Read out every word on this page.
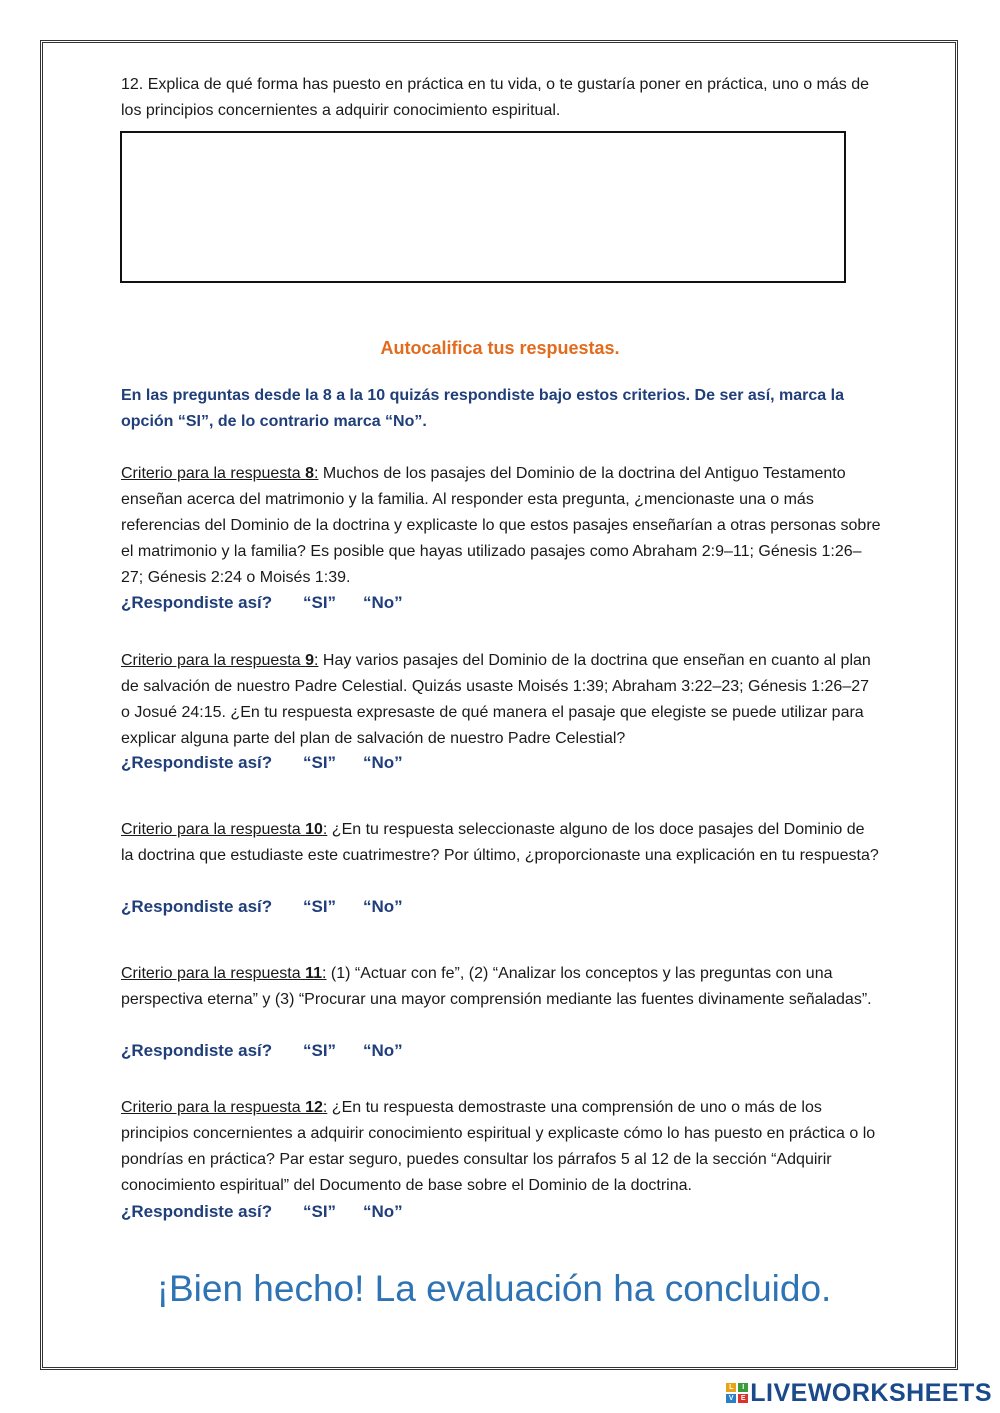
12. Explica de qué forma has puesto en práctica en tu vida, o te gustaría poner en práctica, uno o más de los principios concernientes a adquirir conocimiento espiritual.

Autocalifica tus respuestas.

En las preguntas desde la 8 a la 10 quizás respondiste bajo estos criterios. De ser así, marca la opción “SI”, de lo contrario marca “No”.

Criterio para la respuesta 8: Muchos de los pasajes del Dominio de la doctrina del Antiguo Testamento enseñan acerca del matrimonio y la familia. Al responder esta pregunta, ¿mencionaste una o más referencias del Dominio de la doctrina y explicaste lo que estos pasajes enseñarían a otras personas sobre el matrimonio y la familia? Es posible que hayas utilizado pasajes como Abraham 2:9–11; Génesis 1:26–27; Génesis 2:24 o Moisés 1:39.

¿Respondiste así? “SI” “No”

Criterio para la respuesta 9: Hay varios pasajes del Dominio de la doctrina que enseñan en cuanto al plan de salvación de nuestro Padre Celestial. Quizás usaste Moisés 1:39; Abraham 3:22–23; Génesis 1:26–27 o Josué 24:15. ¿En tu respuesta expresaste de qué manera el pasaje que elegiste se puede utilizar para explicar alguna parte del plan de salvación de nuestro Padre Celestial?

¿Respondiste así? “SI” “No”

Criterio para la respuesta 10: ¿En tu respuesta seleccionaste alguno de los doce pasajes del Dominio de la doctrina que estudiaste este cuatrimestre? Por último, ¿proporcionaste una explicación en tu respuesta?

¿Respondiste así? “SI” “No”

Criterio para la respuesta 11: (1) “Actuar con fe”, (2) “Analizar los conceptos y las preguntas con una perspectiva eterna” y (3) “Procurar una mayor comprensión mediante las fuentes divinamente señaladas”.

¿Respondiste así? “SI” “No”

Criterio para la respuesta 12: ¿En tu respuesta demostraste una comprensión de uno o más de los principios concernientes a adquirir conocimiento espiritual y explicaste cómo lo has puesto en práctica o lo pondrías en práctica? Par estar seguro, puedes consultar los párrafos 5 al 12 de la sección “Adquirir conocimiento espiritual” del Documento de base sobre el Dominio de la doctrina.

¿Respondiste así? “SI” “No”
¡Bien hecho! La evaluación ha concluido.
L	I
V	E LIVEWORKSHEETS
